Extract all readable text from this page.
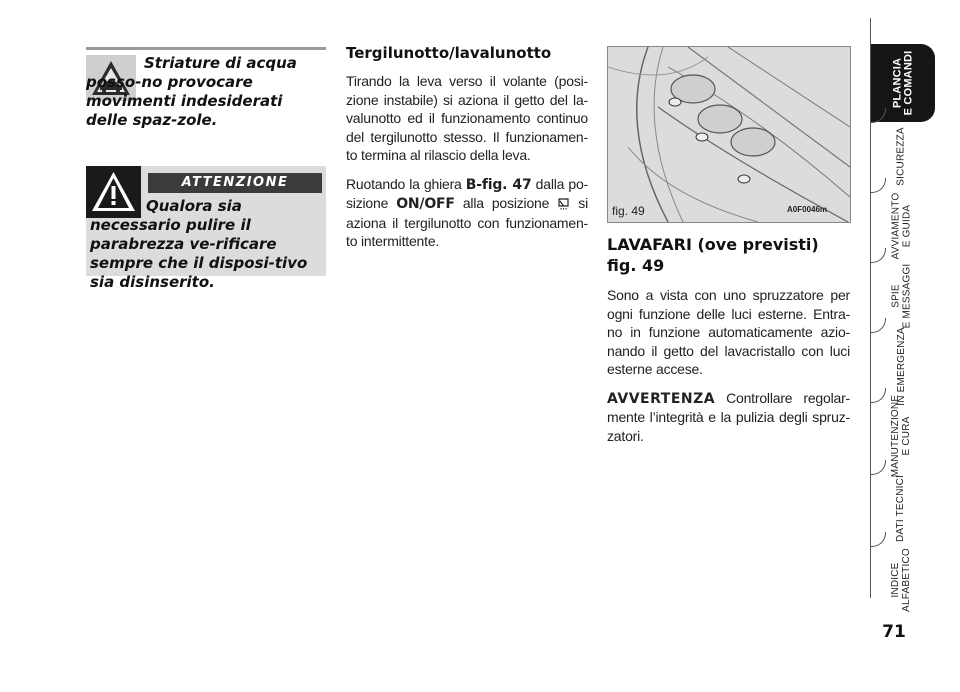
Striature di acqua posso-no provocare movimenti indesiderati delle spaz-zole.
ATTENZIONE
Qualora sia necessario pulire il parabrezza ve-rificare sempre che il disposi-tivo sia disinserito.
Tergilunotto/lavalunotto

Tirando la leva verso il volante (posi-zione instabile) si aziona il getto del la-valunotto ed il funzionamento continuo del tergilunotto stesso. Il funzionamen-to termina al rilascio della leva.

Ruotando la ghiera B-fig. 47 dalla po-sizione ON/OFF alla posizione  si aziona il tergilunotto con funzionamen-to intermittente.

fig. 49	A0F0046m
LAVAFARI (ove previsti) fig. 49

Sono a vista con uno spruzzatore per ogni funzione delle luci esterne. Entra-no in funzione automaticamente azio-nando il getto del lavacristallo con luci esterne accese.

AVVERTENZA Controllare regolar-mente l’integrità e la pulizia degli spruz-zatori.

PLANCIA
E COMANDI
SICUREZZA
AVVIAMENTO
E GUIDA
SPIE
E MESSAGGI
IN EMERGENZA
MANUTENZIONE
E CURA
DATI TECNICI
INDICE
ALFABETICO
71
